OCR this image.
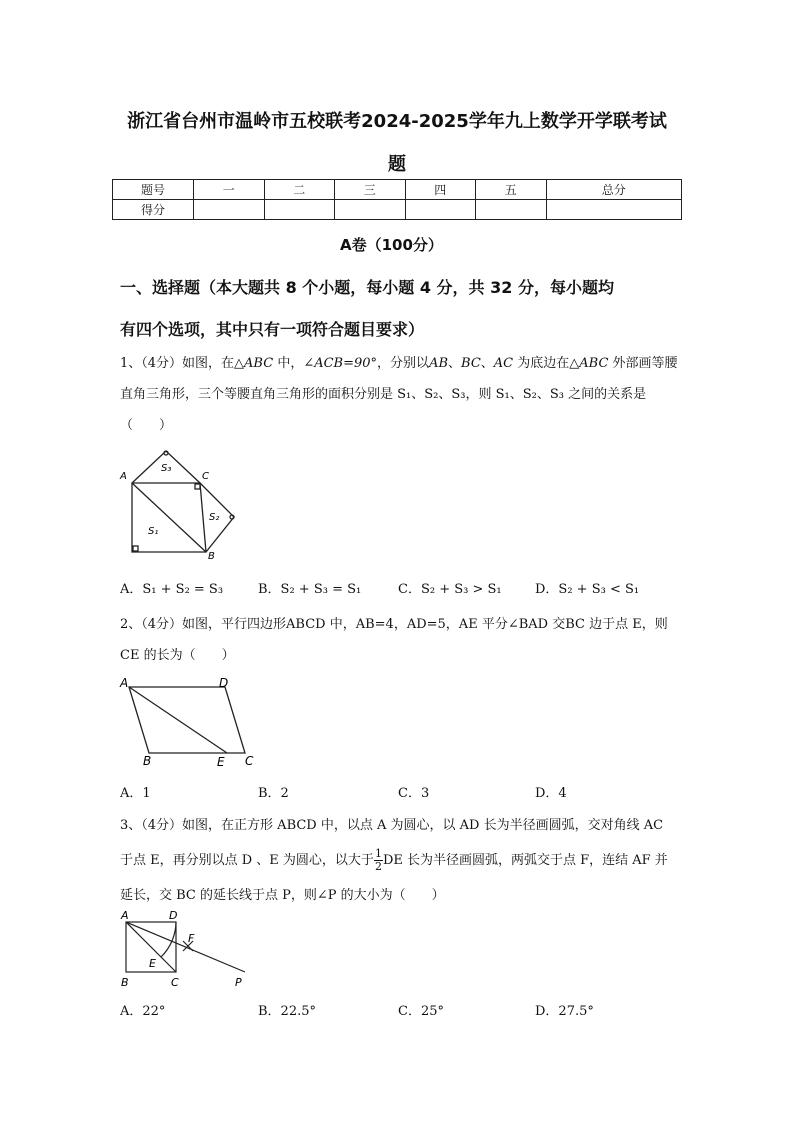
浙江省台州市温岭市五校联考2024-2025学年九上数学开学联考试
题
题号	一	二	三	四	五	总分
得分						
A卷（100分）
一、选择题（本大题共 8 个小题，每小题 4 分，共 32 分，每小题均
有四个选项，其中只有一项符合题目要求）
1、（4分）如图，在△ABC 中，∠ACB=90°，分别以AB、BC、AC 为底边在△ABC 外部画等腰直角三角形，三个等腰直角三角形的面积分别是 S₁、S₂、S₃，则 S₁、S₂、S₃ 之间的关系是（　　）
A	C
B
S₁
S₂
S₃
A．S₁ + S₂ = S₃	B．S₂ + S₃ = S₁	C．S₂ + S₃ > S₁	D．S₂ + S₃ < S₁
2、（4分）如图，平行四边形ABCD 中，AB=4，AD=5，AE 平分∠BAD 交BC 边于点 E，则 CE 的长为（　　）
A	D
B	E C
A．1	B．2	C．3	D．4
3、（4分）如图，在正方形 ABCD 中，以点 A 为圆心，以 AD 长为半径画圆弧，交对角线 AC 于点 E，再分别以点 D 、E 为圆心，以大于 $\frac{1}{2}$ DE 长为半径画圆弧，两弧交于点 F，连结 AF 并延长，交 BC 的延长线于点 P，则∠P 的大小为（　　）
A	D
F
E
B	C	P
A．22°	B．22.5°	C．25°	D．27.5°
